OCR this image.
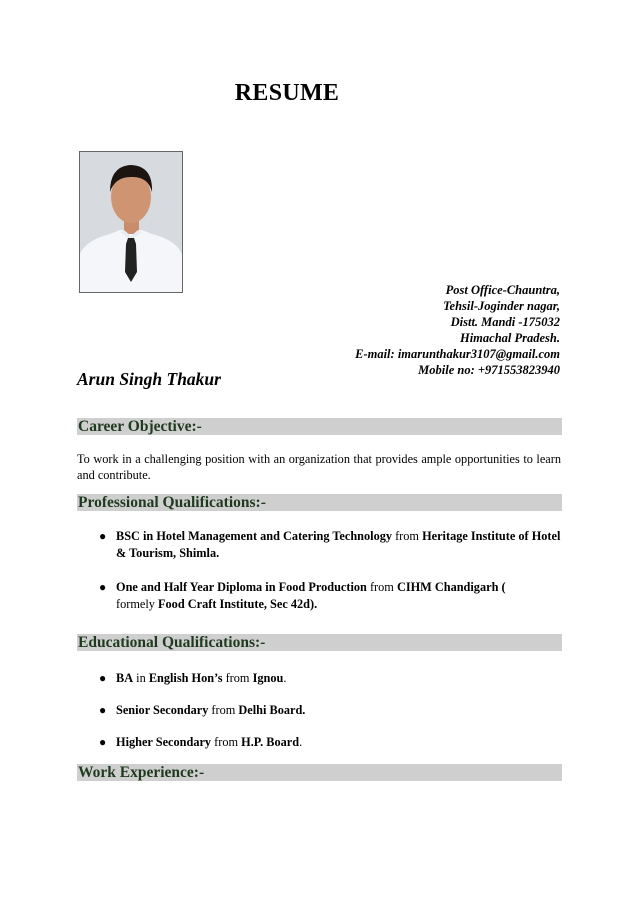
RESUME
Post Office-Chauntra,
Tehsil-Joginder nagar,
Distt. Mandi -175032
Himachal Pradesh.
E-mail: imarunthakur3107@gmail.com
Mobile no: +971553823940
Arun Singh Thakur
Career Objective:-
To work in a challenging position with an organization that provides ample opportunities to learn and contribute.
Professional Qualifications:-
● BSC in Hotel Management and Catering Technology from Heritage Institute of Hotel & Tourism, Shimla.
● One and Half Year Diploma in Food Production from CIHM Chandigarh (
formely Food Craft Institute, Sec 42d).
Educational Qualifications:-
● BA in English Hon’s from Ignou.
● Senior Secondary from Delhi Board.
● Higher Secondary from H.P. Board.
Work Experience:-
